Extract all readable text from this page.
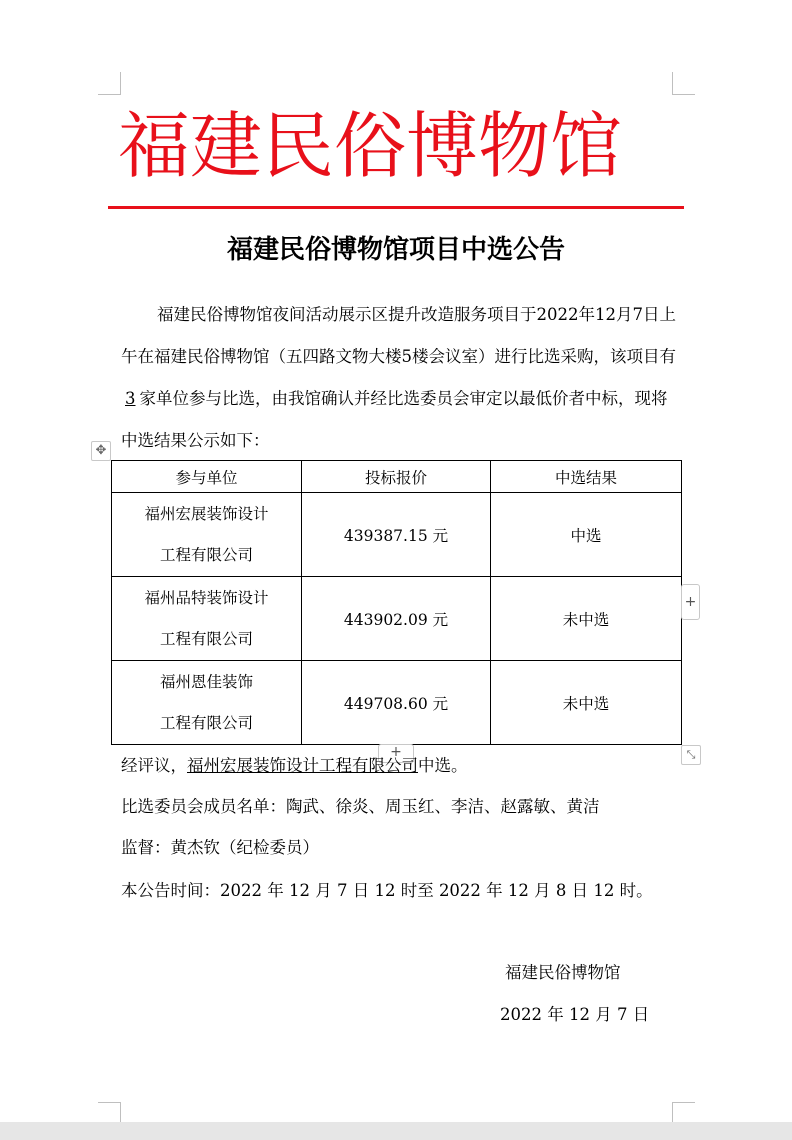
福建民俗博物馆
福建民俗博物馆项目中选公告
福建民俗博物馆夜间活动展示区提升改造服务项目于2022年12月7日上午在福建民俗博物馆（五四路文物大楼5楼会议室）进行比选采购，该项目有3 家单位参与比选，由我馆确认并经比选委员会审定以最低价者中标，现将中选结果公示如下：
✥
参与单位	投标报价	中选结果

福州宏展装饰设计
工程有限公司	439387.15 元	中选

福州品特装饰设计
工程有限公司	443902.09 元	未中选

福州恩佳装饰
工程有限公司	449708.60 元	未中选
+
+	⤡
经评议，福州宏展装饰设计工程有限公司中选。
比选委员会成员名单：陶武、徐炎、周玉红、李洁、赵露敏、黄洁
监督：黄杰钦（纪检委员）
本公告时间：2022 年 12 月 7 日 12 时至 2022 年 12 月 8 日 12 时。
福建民俗博物馆
2022 年 12 月 7 日
